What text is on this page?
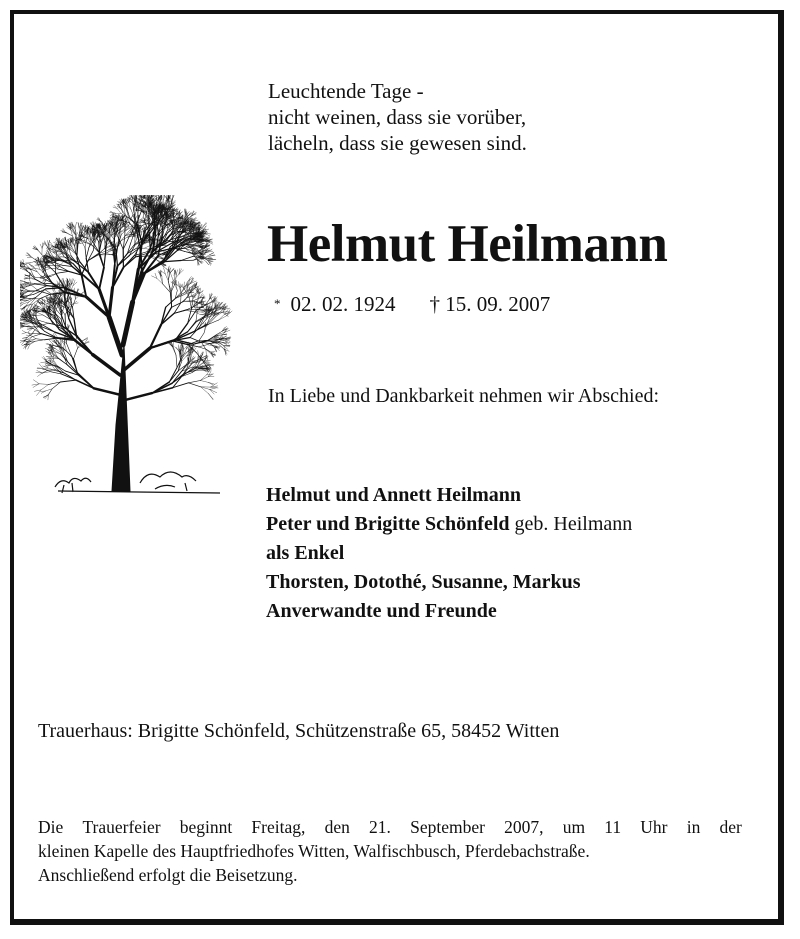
Leuchtende Tage -
nicht weinen, dass sie vorüber,
lächeln, dass sie gewesen sind.
Helmut Heilmann
* 02. 02. 1924 † 15. 09. 2007
In Liebe und Dankbarkeit nehmen wir Abschied:
Helmut und Annett Heilmann
Peter und Brigitte Schönfeld geb. Heilmann
als Enkel
Thorsten, Dotothé, Susanne, Markus
Anverwandte und Freunde
Trauerhaus: Brigitte Schönfeld, Schützenstraße 65, 58452 Witten
Die Trauerfeier beginnt Freitag, den 21. September 2007, um 11 Uhr in der
kleinen Kapelle des Hauptfriedhofes Witten, Walfischbusch, Pferdebachstraße.
Anschließend erfolgt die Beisetzung.
